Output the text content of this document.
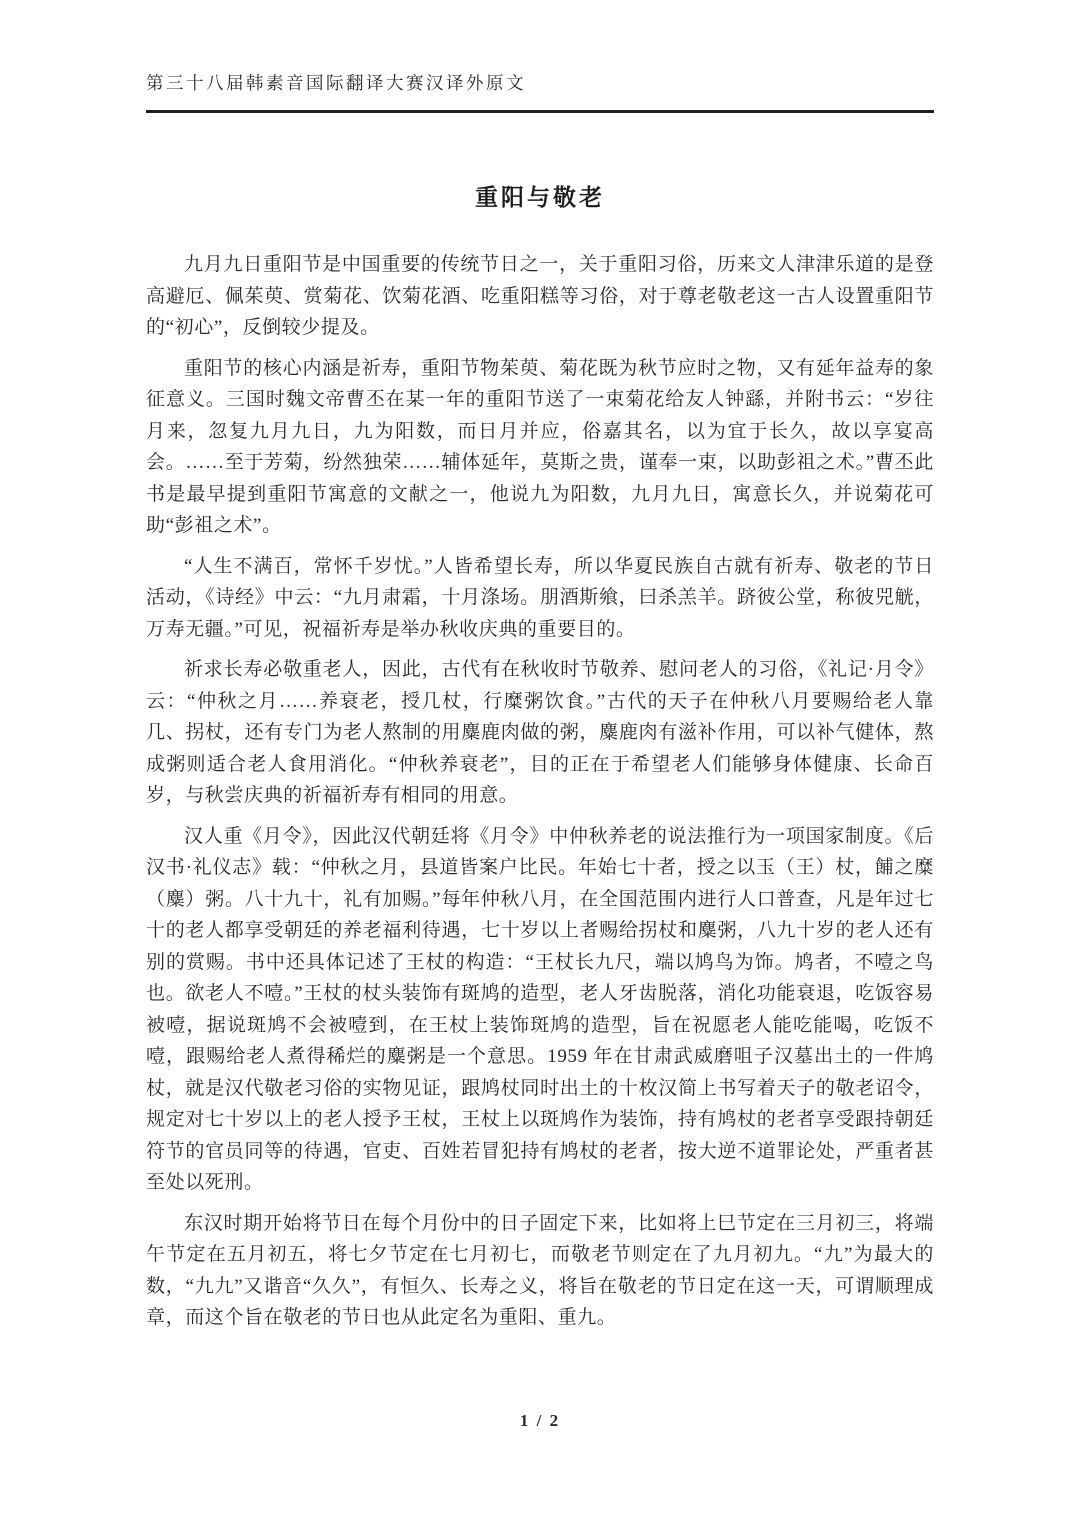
第三十八届韩素音国际翻译大赛汉译外原文
重阳与敬老

九月九日重阳节是中国重要的传统节日之一，关于重阳习俗，历来文人津津乐道的是登高避厄、佩茱萸、赏菊花、饮菊花酒、吃重阳糕等习俗，对于尊老敬老这一古人设置重阳节的“初心”，反倒较少提及。

重阳节的核心内涵是祈寿，重阳节物茱萸、菊花既为秋节应时之物，又有延年益寿的象征意义。三国时魏文帝曹丕在某一年的重阳节送了一束菊花给友人钟繇，并附书云：“岁往月来，忽复九月九日，九为阳数，而日月并应，俗嘉其名，以为宜于长久，故以享宴高会。……至于芳菊，纷然独荣……辅体延年，莫斯之贵，谨奉一束，以助彭祖之术。”曹丕此书是最早提到重阳节寓意的文献之一，他说九为阳数，九月九日，寓意长久，并说菊花可助“彭祖之术”。

“人生不满百，常怀千岁忧。”人皆希望长寿，所以华夏民族自古就有祈寿、敬老的节日活动，《诗经》中云：“九月肃霜，十月涤场。朋酒斯飨，曰杀羔羊。跻彼公堂，称彼兕觥，万寿无疆。”可见，祝福祈寿是举办秋收庆典的重要目的。

祈求长寿必敬重老人，因此，古代有在秋收时节敬养、慰问老人的习俗，《礼记·月令》云：“仲秋之月……养衰老，授几杖，行糜粥饮食。”古代的天子在仲秋八月要赐给老人靠几、拐杖，还有专门为老人熬制的用麋鹿肉做的粥，麋鹿肉有滋补作用，可以补气健体，熬成粥则适合老人食用消化。“仲秋养衰老”，目的正在于希望老人们能够身体健康、长命百岁，与秋尝庆典的祈福祈寿有相同的用意。

汉人重《月令》，因此汉代朝廷将《月令》中仲秋养老的说法推行为一项国家制度。《后汉书·礼仪志》载：“仲秋之月，县道皆案户比民。年始七十者，授之以玉（王）杖，餔之糜（麋）粥。八十九十，礼有加赐。”每年仲秋八月，在全国范围内进行人口普查，凡是年过七十的老人都享受朝廷的养老福利待遇，七十岁以上者赐给拐杖和麋粥，八九十岁的老人还有别的赏赐。书中还具体记述了王杖的构造：“王杖长九尺，端以鸠鸟为饰。鸠者，不噎之鸟也。欲老人不噎。”王杖的杖头装饰有斑鸠的造型，老人牙齿脱落，消化功能衰退，吃饭容易被噎，据说斑鸠不会被噎到，在王杖上装饰斑鸠的造型，旨在祝愿老人能吃能喝，吃饭不噎，跟赐给老人煮得稀烂的麋粥是一个意思。1959 年在甘肃武威磨咀子汉墓出土的一件鸠杖，就是汉代敬老习俗的实物见证，跟鸠杖同时出土的十枚汉简上书写着天子的敬老诏令，规定对七十岁以上的老人授予王杖，王杖上以斑鸠作为装饰，持有鸠杖的老者享受跟持朝廷符节的官员同等的待遇，官吏、百姓若冒犯持有鸠杖的老者，按大逆不道罪论处，严重者甚至处以死刑。

东汉时期开始将节日在每个月份中的日子固定下来，比如将上巳节定在三月初三，将端午节定在五月初五，将七夕节定在七月初七，而敬老节则定在了九月初九。“九”为最大的数，“九九”又谐音“久久”，有恒久、长寿之义，将旨在敬老的节日定在这一天，可谓顺理成章，而这个旨在敬老的节日也从此定名为重阳、重九。

1 / 2
